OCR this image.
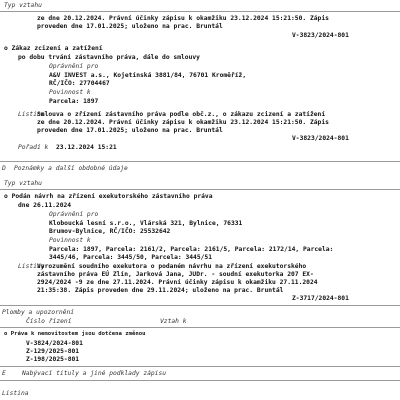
Typ vztahu
ze dne 20.12.2024. Právní účinky zápisu k okamžiku 23.12.2024 15:21:50. Zápis
proveden dne 17.01.2025; uloženo na prac. Bruntál
V-3823/2024-801
o Zákaz zcizení a zatížení
po dobu trvání zástavního práva, dále do smlouvy
Oprávnění pro
A&V INVEST a.s., Kojetínská 3881/84, 76701 Kroměříž,
RČ/IČO: 27704467
Povinnost k
Parcela: 1897
Listina
Smlouva o zřízení zástavního práva podle obč.z., o zákazu zcizení a zatížení
ze dne 20.12.2024. Právní účinky zápisu k okamžiku 23.12.2024 15:21:50. Zápis
proveden dne 17.01.2025; uloženo na prac. Bruntál
V-3823/2024-801
Pořadí k 23.12.2024 15:21
D Poznámky a další obdobné údaje
Typ vztahu
o Podán návrh na zřízení exekutorského zástavního práva
dne 26.11.2024
Oprávnění pro
Kloboucká lesní s.r.o., Vlárská 321, Bylnice, 76331
Brumov-Bylnice, RČ/IČO: 25532642
Povinnost k
Parcela: 1897, Parcela: 2161/2, Parcela: 2161/5, Parcela: 2172/14, Parcela:
3445/46, Parcela: 3445/50, Parcela: 3445/51
Listina
Vyrozumění soudního exekutora o podaném návrhu na zřízení exekutorského
zástavního práva EÚ Zlín, Jarková Jana, JUDr. - soudní exekutorka 207 EX-
2924/2024 -9 ze dne 27.11.2024. Právní účinky zápisu k okamžiku 27.11.2024
21:35:38. Zápis proveden dne 29.11.2024; uloženo na prac. Bruntál
Z-3717/2024-801
Plomby a upozornění
Číslo řízení	Vztah k
o Práva k nemovitostem jsou dotčena změnou
V-3824/2024-801
Z-129/2025-801
Z-198/2025-801
E	Nabývací tituly a jiné podklady zápisu
Listina
